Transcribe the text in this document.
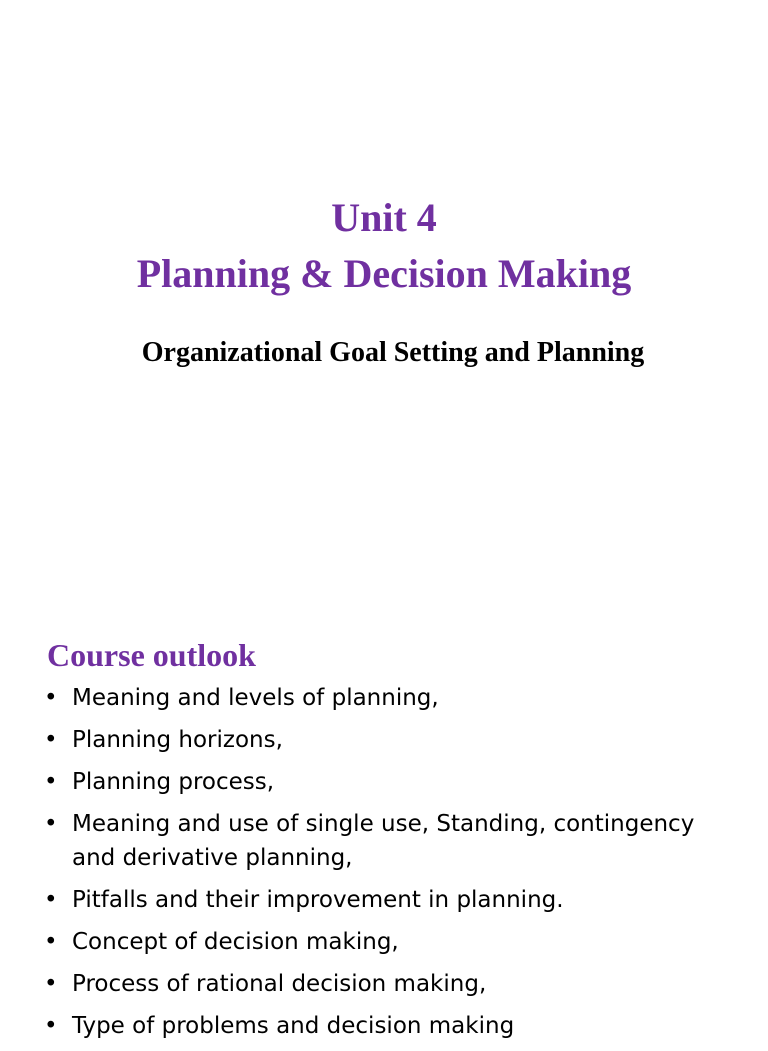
Unit 4
Planning & Decision Making
Organizational Goal Setting and Planning
Course outlook
• Meaning and levels of planning,
• Planning horizons,
• Planning process,
• Meaning and use of single use, Standing, contingency and derivative planning,
• Pitfalls and their improvement in planning.
• Concept of decision making,
• Process of rational decision making,
• Type of problems and decision making
